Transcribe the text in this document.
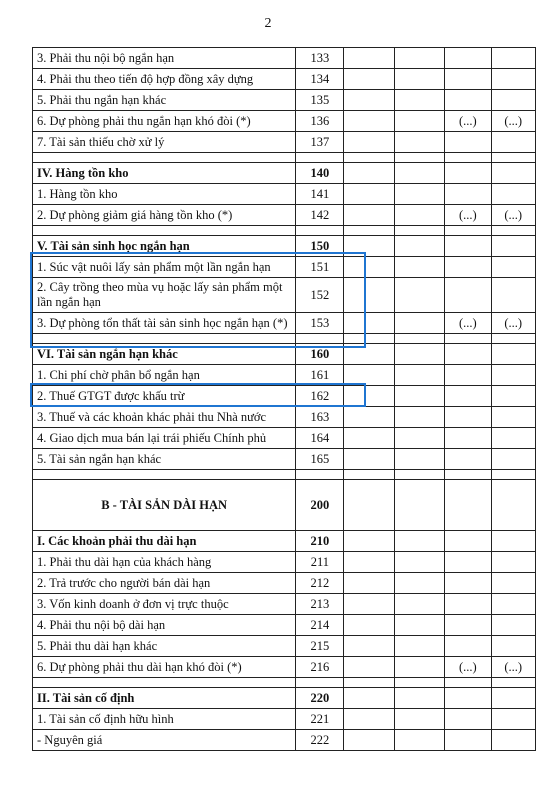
2
3. Phải thu nội bộ ngắn hạn	133				
4. Phải thu theo tiến độ hợp đồng xây dựng	134				
5. Phải thu ngắn hạn khác	135				
6. Dự phòng phải thu ngắn hạn khó đòi (*)	136			(...)	(...)
7. Tài sản thiếu chờ xử lý	137				

IV. Hàng tồn kho	140				
1. Hàng tồn kho	141				
2. Dự phòng giảm giá hàng tồn kho (*)	142			(...)	(...)

V. Tài sản sinh học ngắn hạn	150				
1. Súc vật nuôi lấy sản phẩm một lần ngắn hạn	151				
2. Cây trồng theo mùa vụ hoặc lấy sản phẩm một lần ngắn hạn	152				
3. Dự phòng tổn thất tài sản sinh học ngắn hạn (*)	153			(...)	(...)

VI. Tài sản ngắn hạn khác	160				
1. Chi phí chờ phân bổ ngắn hạn	161				
2. Thuế GTGT được khấu trừ	162				
3. Thuế và các khoản khác phải thu Nhà nước	163				
4. Giao dịch mua bán lại trái phiếu Chính phủ	164				
5. Tài sản ngắn hạn khác	165				

B - TÀI SẢN DÀI HẠN	200				
I. Các khoản phải thu dài hạn	210				
1. Phải thu dài hạn của khách hàng	211				
2. Trả trước cho người bán dài hạn	212				
3. Vốn kinh doanh ở đơn vị trực thuộc	213				
4. Phải thu nội bộ dài hạn	214				
5. Phải thu dài hạn khác	215				
6. Dự phòng phải thu dài hạn khó đòi (*)	216			(...)	(...)

II. Tài sản cố định	220				
1. Tài sản cố định hữu hình	221				
- Nguyên giá	222				
